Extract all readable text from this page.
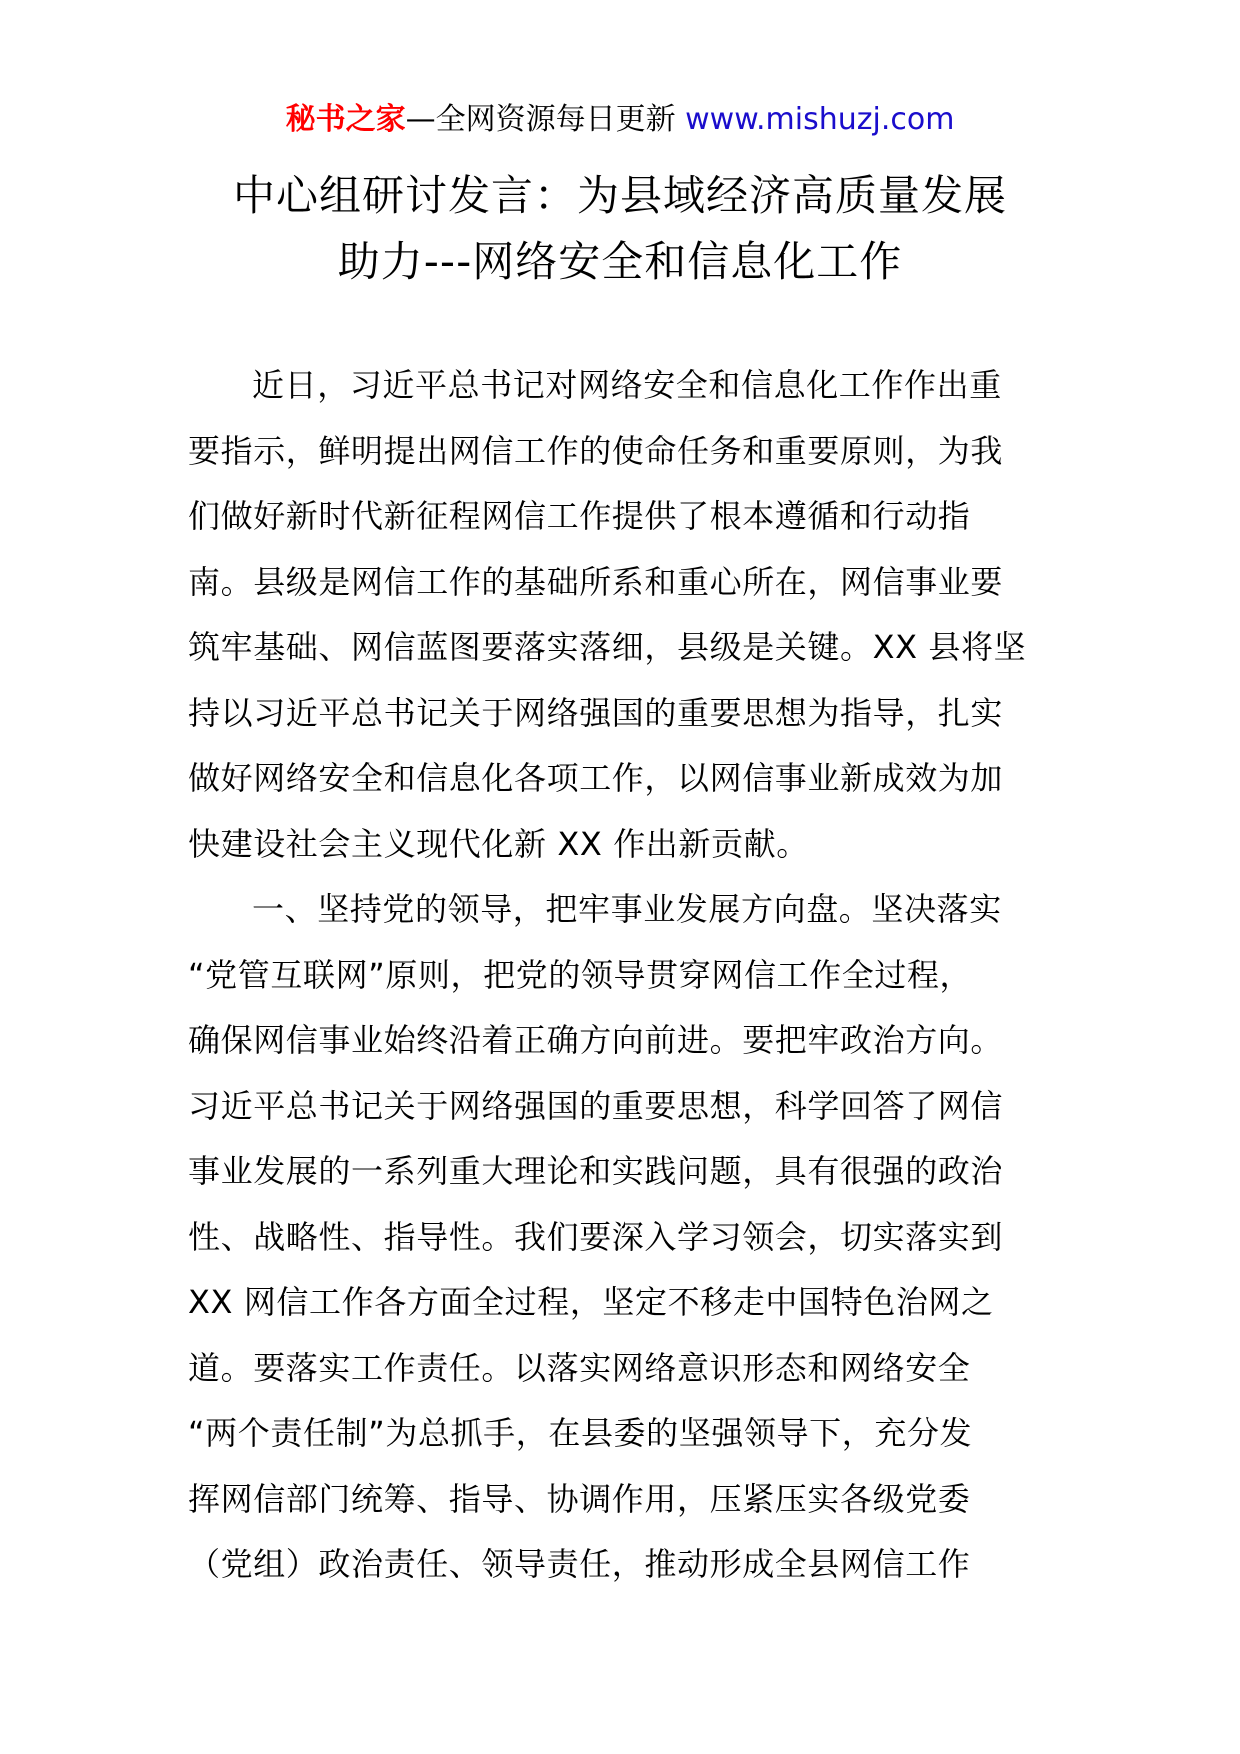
秘书之家—全网资源每日更新 www.mishuzj.com
中心组研讨发言：为县域经济高质量发展
助力---网络安全和信息化工作
近日，习近平总书记对网络安全和信息化工作作出重
要指示，鲜明提出网信工作的使命任务和重要原则，为我
们做好新时代新征程网信工作提供了根本遵循和行动指
南。县级是网信工作的基础所系和重心所在，网信事业要
筑牢基础、网信蓝图要落实落细，县级是关键。XX 县将坚
持以习近平总书记关于网络强国的重要思想为指导，扎实
做好网络安全和信息化各项工作，以网信事业新成效为加
快建设社会主义现代化新 XX 作出新贡献。
一、坚持党的领导，把牢事业发展方向盘。坚决落实
“党管互联网”原则，把党的领导贯穿网信工作全过程，
确保网信事业始终沿着正确方向前进。要把牢政治方向。
习近平总书记关于网络强国的重要思想，科学回答了网信
事业发展的一系列重大理论和实践问题，具有很强的政治
性、战略性、指导性。我们要深入学习领会，切实落实到
XX 网信工作各方面全过程，坚定不移走中国特色治网之
道。要落实工作责任。以落实网络意识形态和网络安全
“两个责任制”为总抓手，在县委的坚强领导下，充分发
挥网信部门统筹、指导、协调作用，压紧压实各级党委
（党组）政治责任、领导责任，推动形成全县网信工作
